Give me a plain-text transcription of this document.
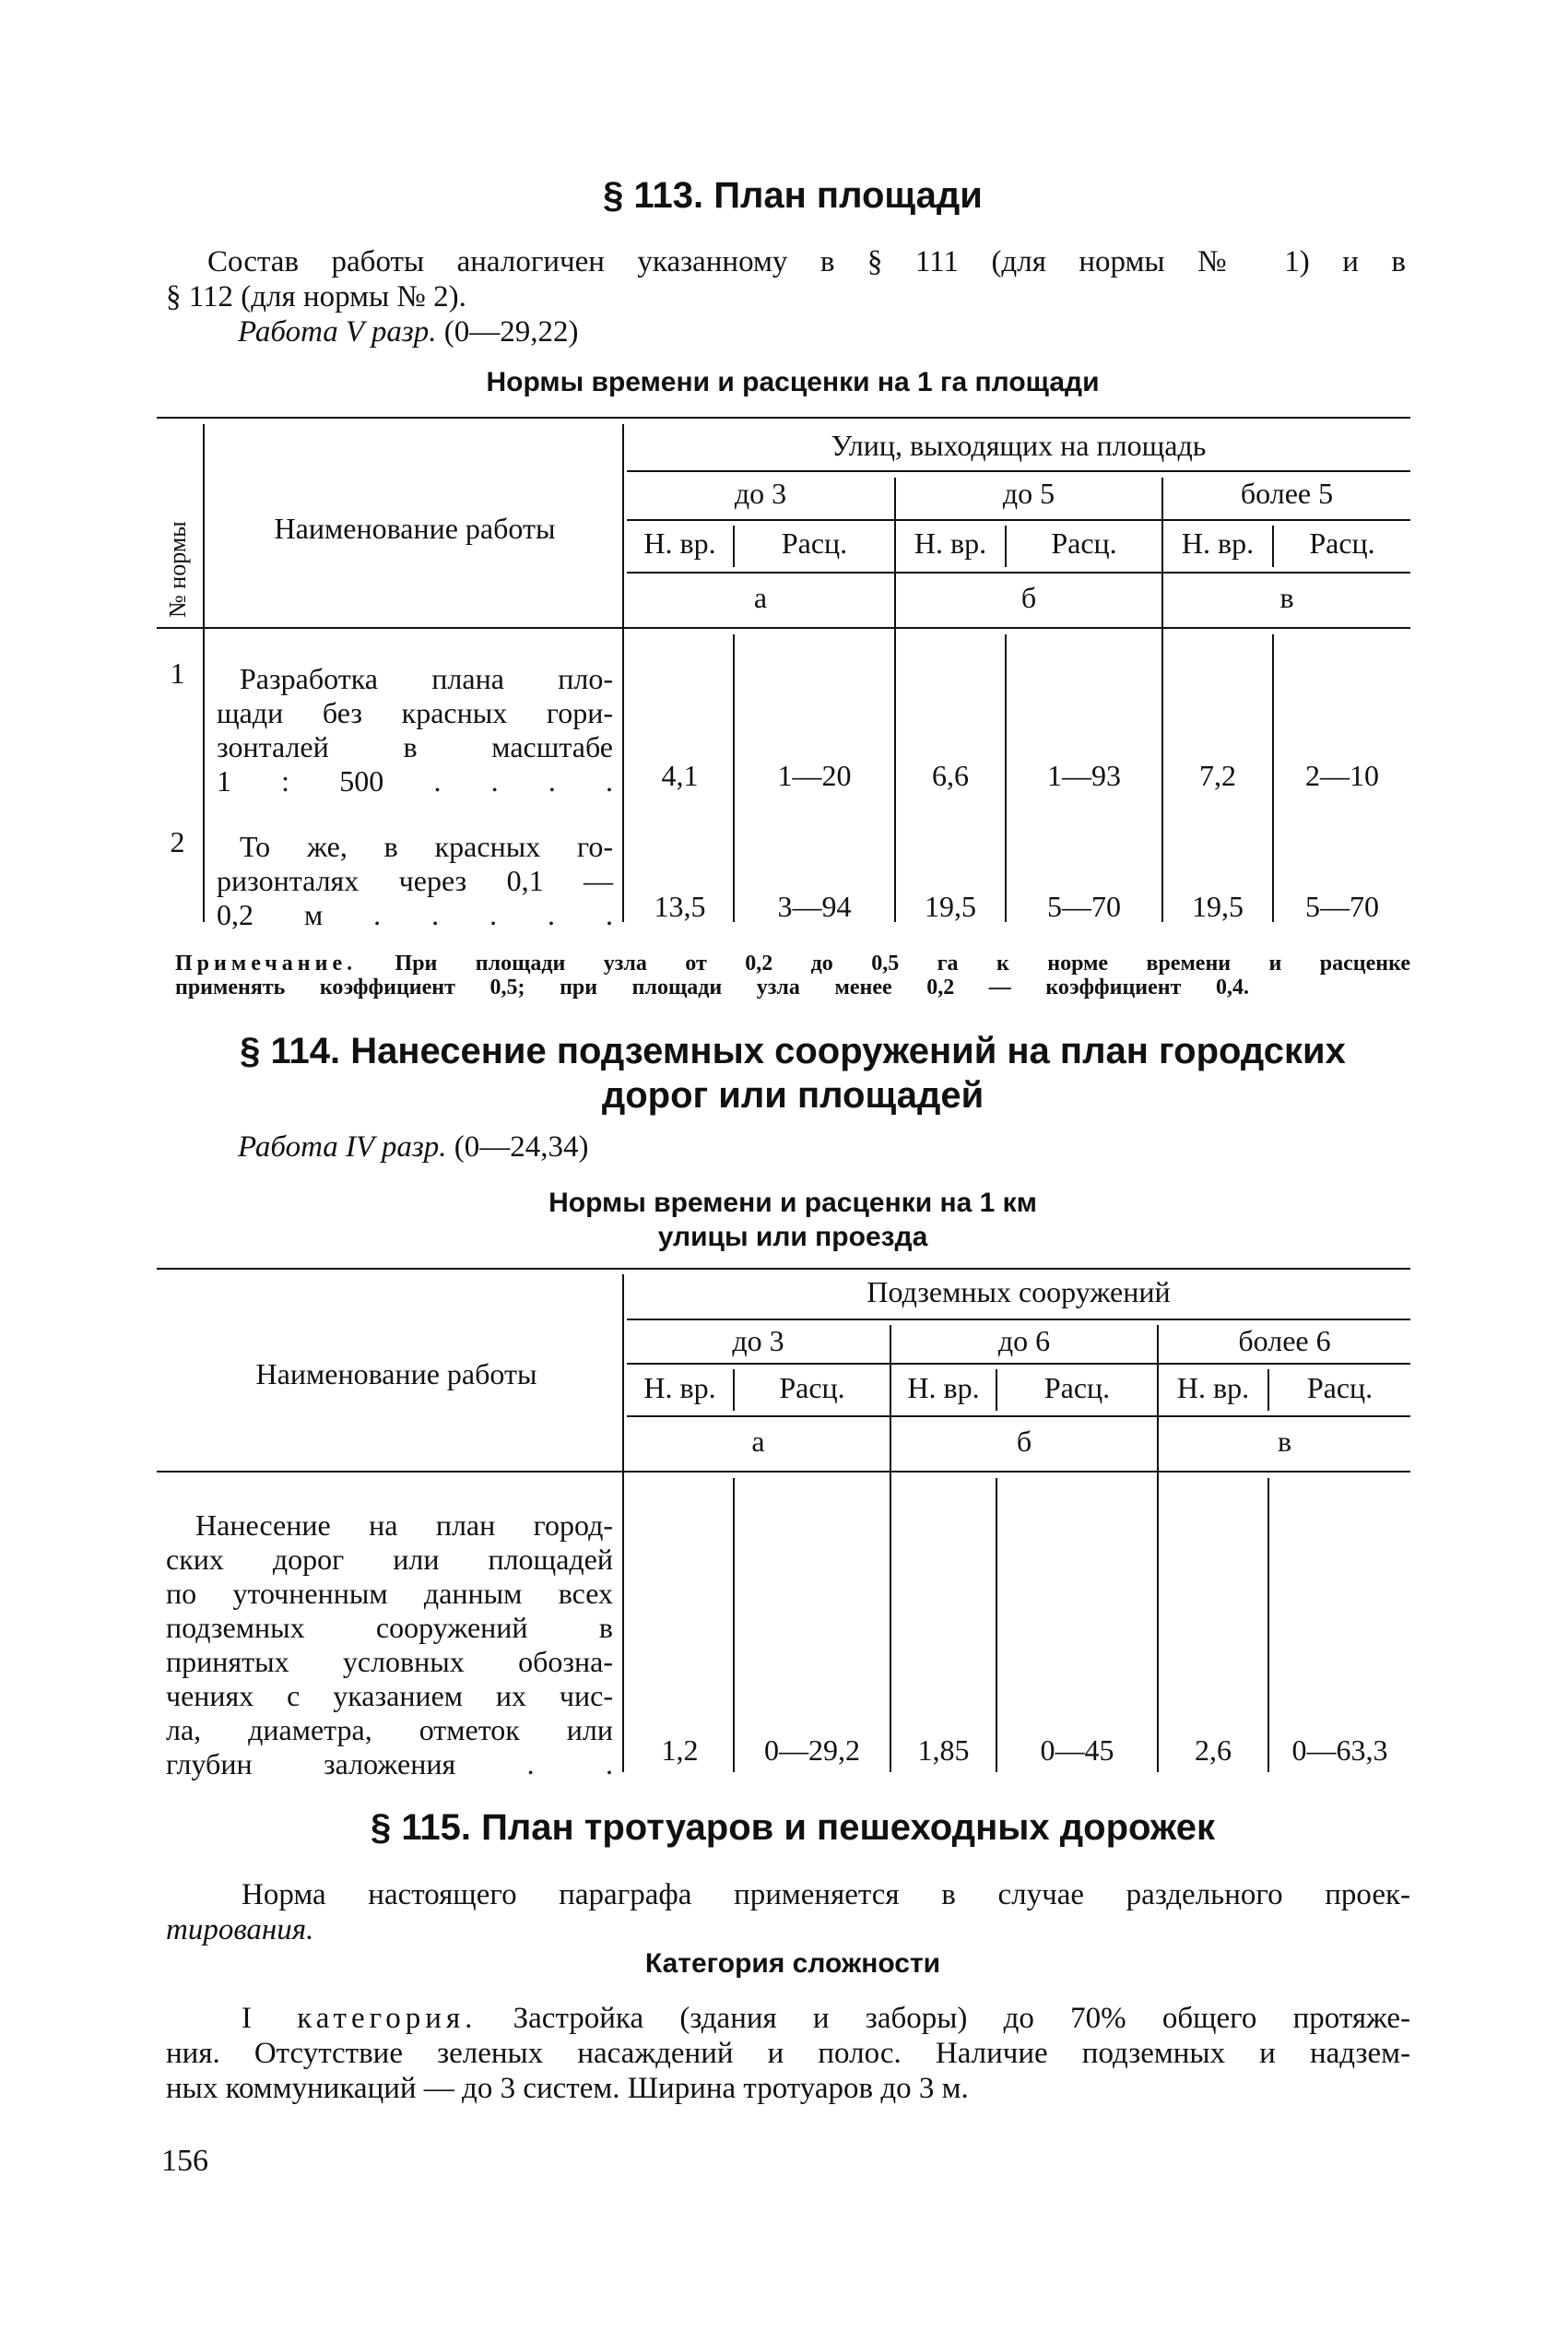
§ 113. План площади
Состав работы аналогичен указанному в § 111 (для нормы № 1) и в
§ 112 (для нормы № 2).
Работа V разр. (0—29,22)
Нормы времени и расценки на 1 га площади
№ нормы	Наименование работы
Улиц, выходящих на площадь
до 3	до 5	более 5
Н. вр.	Расц.	Н. вр.	Расц.	Н. вр.	Расц.
а	б	в
1	Разработка плана пло-
щади без красных гори-
зонталей в масштабе
1 : 500 . . . .	4,1	1—20	6,6	1—93	7,2	2—10
2	То же, в красных го-
ризонталях через 0,1 —
0,2 м . . . . .	13,5	3—94	19,5	5—70	19,5	5—70
Примечание. При площади узла от 0,2 до 0,5 га к норме времени и расценке
применять коэффициент 0,5; при площади узла менее 0,2 — коэффициент 0,4.
§ 114. Нанесение подземных сооружений на план городских
дорог или площадей
Работа IV разр. (0—24,34)
Нормы времени и расценки на 1 км
улицы или проезда
Наименование работы
Подземных сооружений
до 3	до 6	более 6
Н. вр.	Расц.	Н. вр.	Расц.	Н. вр.	Расц.
а	б	в
Нанесение на план город-
ских дорог или площадей
по уточненным данным всех
подземных сооружений в
принятых условных обозна-
чениях с указанием их чис-
ла, диаметра, отметок или
глубин заложения . .	1,2	0—29,2	1,85	0—45	2,6	0—63,3
§ 115. План тротуаров и пешеходных дорожек
Норма настоящего параграфа применяется в случае раздельного проек-
тирования.
Категория сложности
I категория. Застройка (здания и заборы) до 70% общего протяже-
ния. Отсутствие зеленых насаждений и полос. Наличие подземных и надзем-
ных коммуникаций — до 3 систем. Ширина тротуаров до 3 м.
156
